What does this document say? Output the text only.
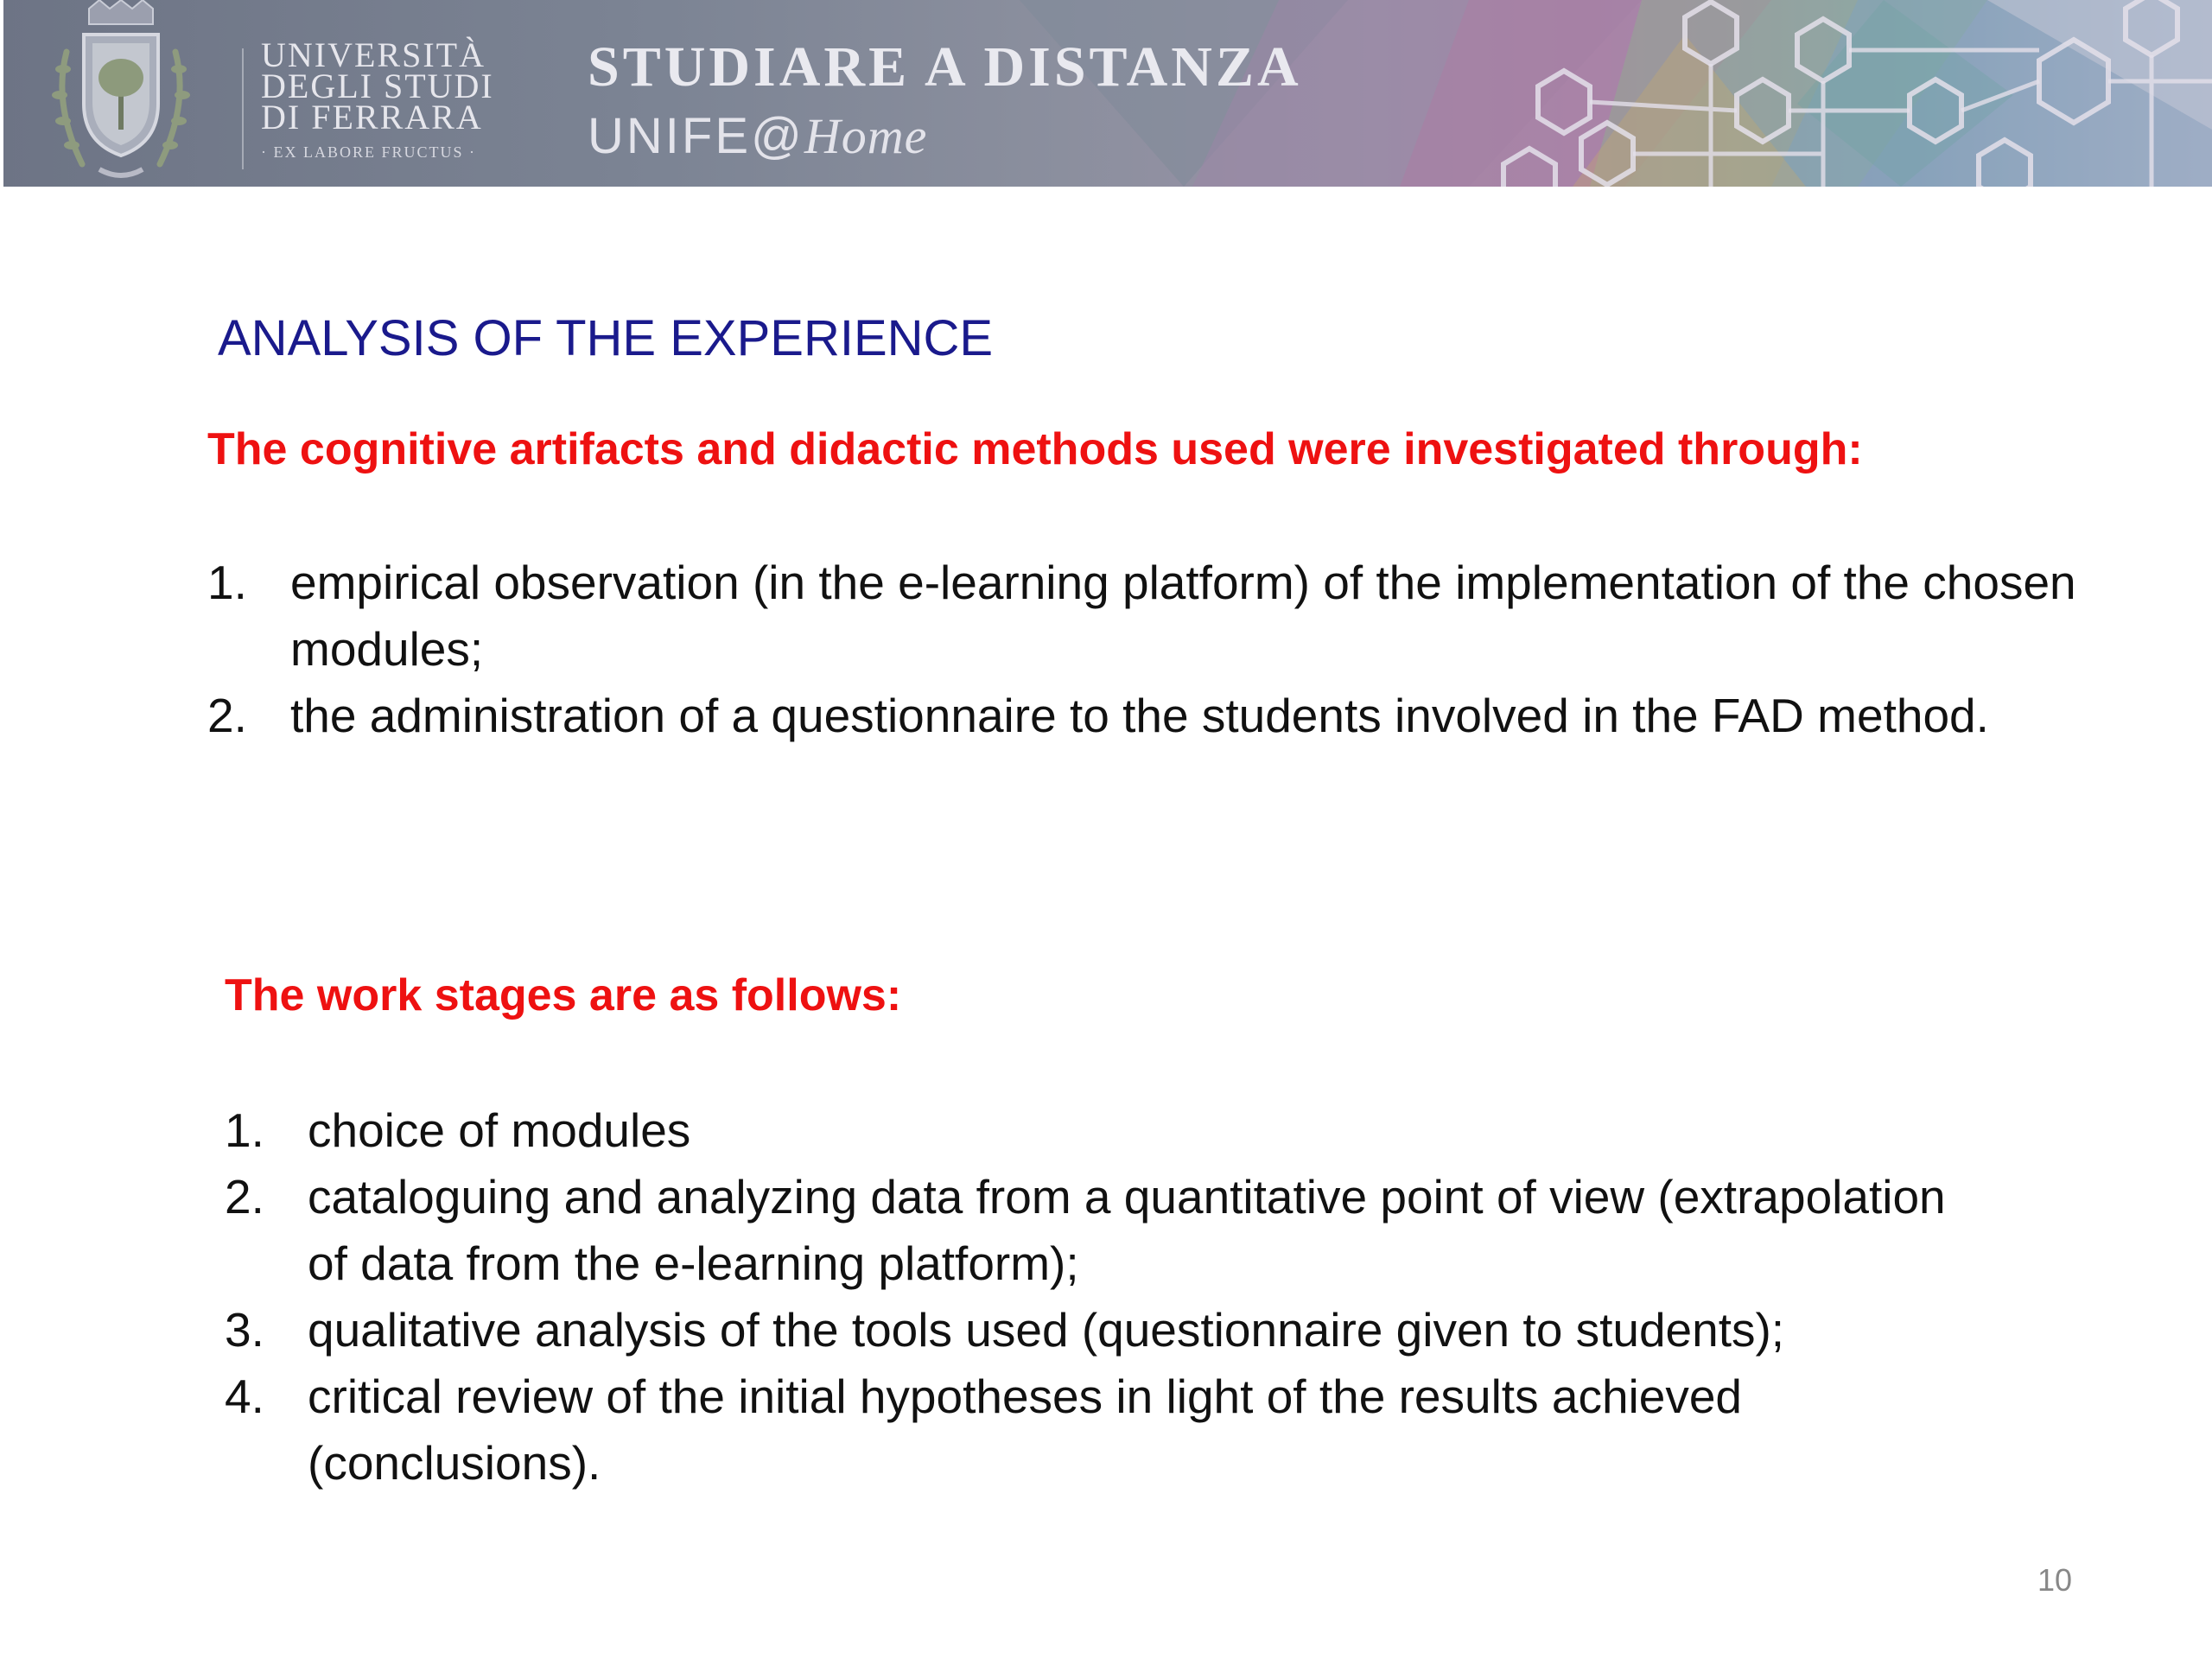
UNIVERSITÀ
DEGLI STUDI
DI FERRARA
· EX LABORE FRUCTUS ·
STUDIARE A DISTANZA
UNIFE@Home
ANALYSIS OF THE EXPERIENCE
The cognitive artifacts and didactic methods used were investigated through:
1. empirical observation (in the e-learning platform) of the implementation of the chosen modules;
2. the administration of a questionnaire to the students involved in the FAD method.
The work stages are as follows:
1. choice of modules
2. cataloguing and analyzing data from a quantitative point of view (extrapolation of data from the e-learning platform);
3. qualitative analysis of the tools used (questionnaire given to students);
4. critical review of the initial hypotheses in light of the results achieved (conclusions).
10
